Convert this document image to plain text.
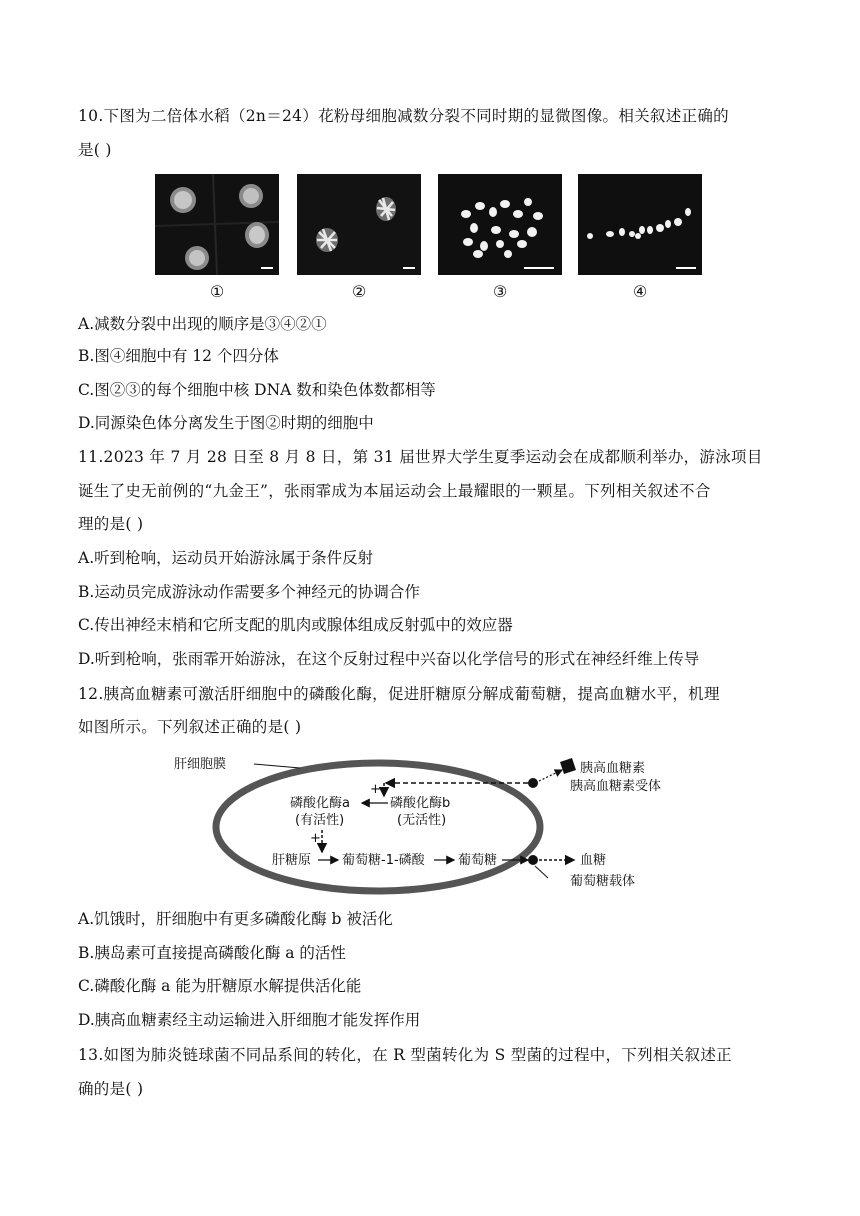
10.下图为二倍体水稻（2n＝24）花粉母细胞减数分裂不同时期的显微图像。相关叙述正确的
是( )
①	②	③	④
A.减数分裂中出现的顺序是③④②①
B.图④细胞中有 12 个四分体
C.图②③的每个细胞中核 DNA 数和染色体数都相等
D.同源染色体分离发生于图②时期的细胞中
11.2023 年 7 月 28 日至 8 月 8 日，第 31 届世界大学生夏季运动会在成都顺利举办，游泳项目
诞生了史无前例的“九金王”，张雨霏成为本届运动会上最耀眼的一颗星。下列相关叙述不合
理的是( )
A.听到枪响，运动员开始游泳属于条件反射
B.运动员完成游泳动作需要多个神经元的协调合作
C.传出神经末梢和它所支配的肌肉或腺体组成反射弧中的效应器
D.听到枪响，张雨霏开始游泳，在这个反射过程中兴奋以化学信号的形式在神经纤维上传导
12.胰高血糖素可激活肝细胞中的磷酸化酶，促进肝糖原分解成葡萄糖，提高血糖水平，机理
如图所示。下列叙述正确的是( )
肝细胞膜	胰高血糖素
胰高血糖素受体
+
磷酸化酶a
(有活性)
磷酸化酶b
(无活性)
+
肝糖原 葡萄糖-1-磷酸	葡萄糖	血糖
葡萄糖载体
A.饥饿时，肝细胞中有更多磷酸化酶 b 被活化
B.胰岛素可直接提高磷酸化酶 a 的活性
C.磷酸化酶 a 能为肝糖原水解提供活化能
D.胰高血糖素经主动运输进入肝细胞才能发挥作用
13.如图为肺炎链球菌不同品系间的转化，在 R 型菌转化为 S 型菌的过程中，下列相关叙述正
确的是( )
